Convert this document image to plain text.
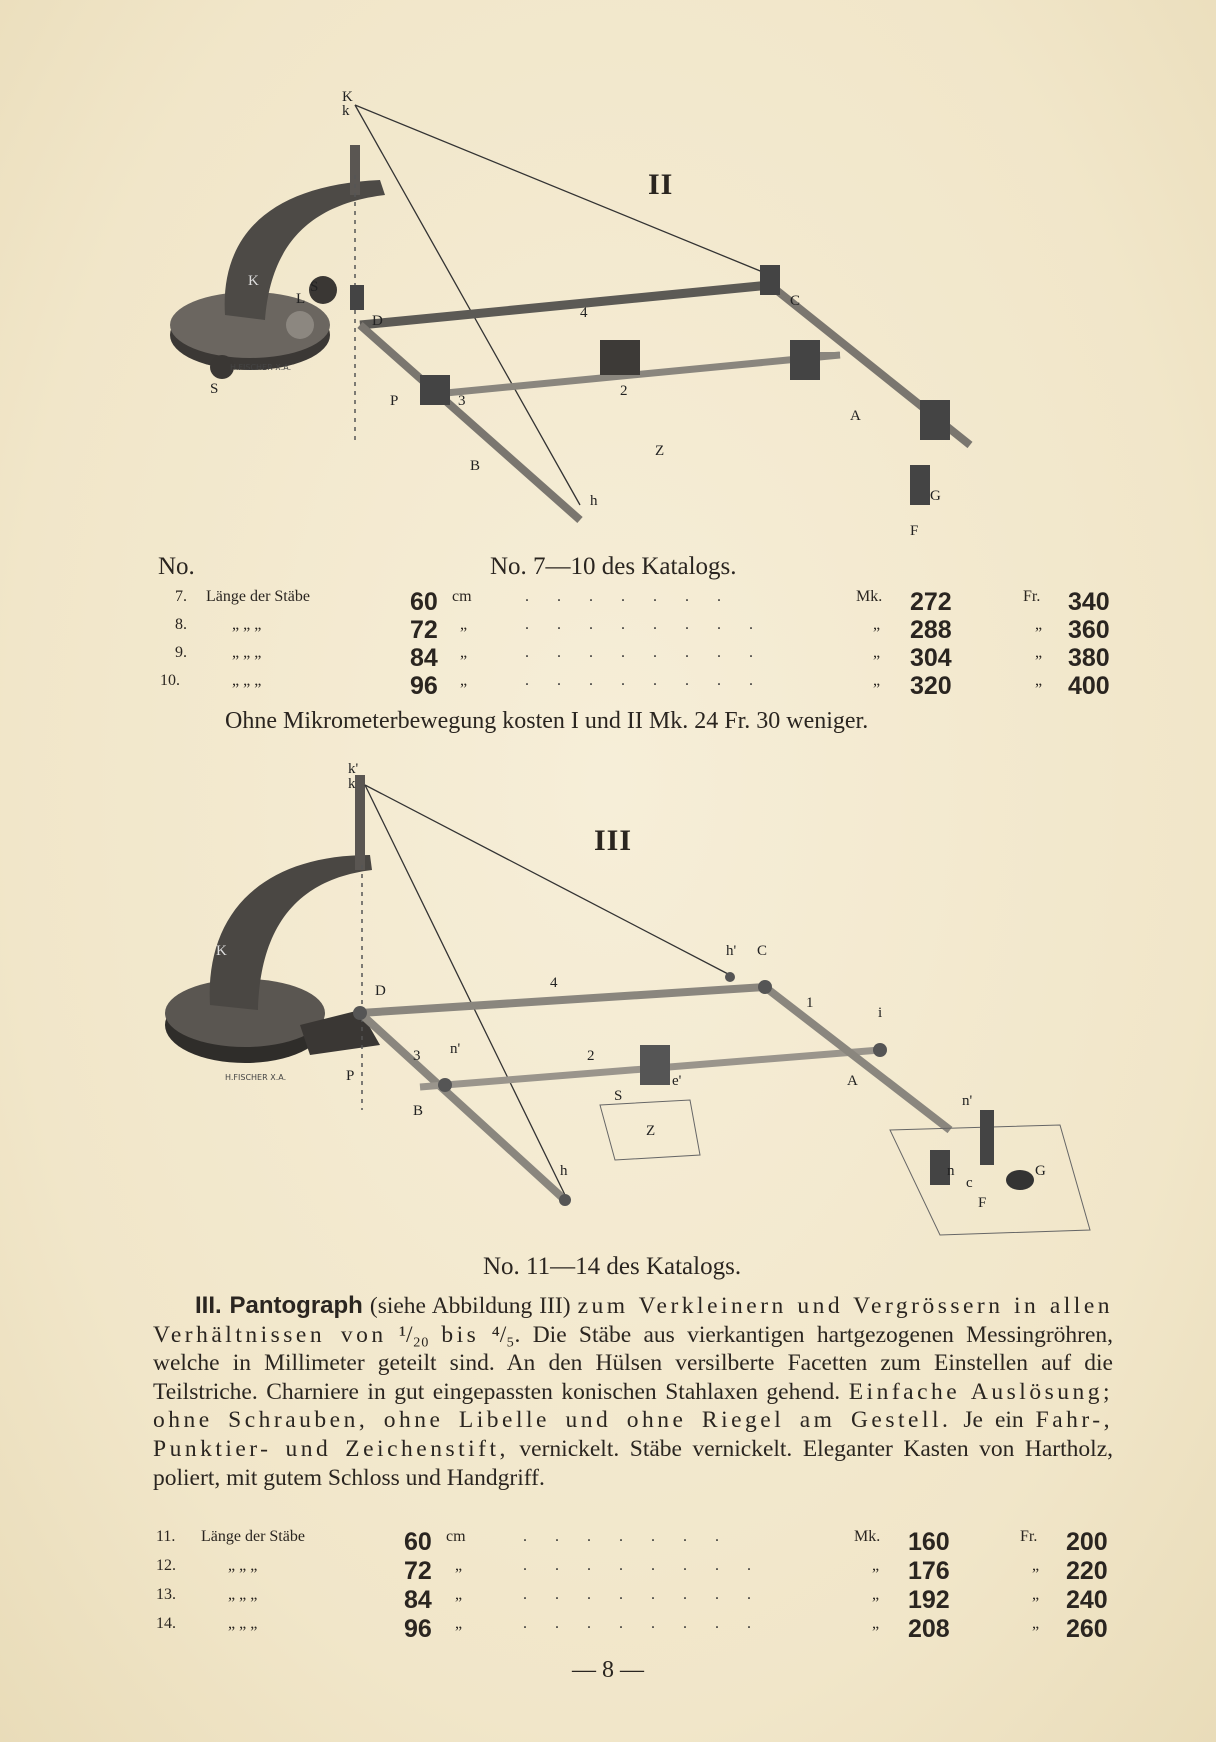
H.FISCHER X.A.
K
k
S
S
L
K
D	4
C
P	3
2
B
A
Z
h	G
F
II
No. 7—10 des Katalogs.
No.
7. Länge der Stäbe	60 cm	.......	Mk. 272	Fr. 340
8.	„ „ „	72 „	........	„ 288	„ 360
9.	„ „ „	84 „	........	„ 304	„ 380
10.	„ „ „	96 „	........	„ 320	„ 400
Ohne Mikrometerbewegung kosten I und II Mk. 24 Fr. 30 weniger.
H.FISCHER X.A.
k'
k
K
D	4
h' C
1
i
P
3 n'	2
e'	A
B
S
Z
h
n'
n
c
F
G
III
No. 11—14 des Katalogs.
III. Pantograph (siehe Abbildung III) zum Verkleinern und Vergrössern in allen Verhältnissen von ¹/₂₀ bis ⁴/₅. Die Stäbe aus vierkantigen hartgezogenen Messingröhren, welche in Millimeter geteilt sind. An den Hülsen versilberte Facetten zum Einstellen auf die Teilstriche. Charniere in gut eingepassten konischen Stahlaxen gehend. Einfache Auslösung; ohne Schrauben, ohne Libelle und ohne Riegel am Gestell. Je ein Fahr-, Punktier- und Zeichenstift, vernickelt. Stäbe vernickelt. Eleganter Kasten von Hartholz, poliert, mit gutem Schloss und Handgriff.
11. Länge der Stäbe	60 cm	.......	Mk. 160	Fr. 200
12.	„ „ „	72 „	........	„ 176	„ 220
13.	„ „ „	84 „	........	„ 192	„ 240
14.	„ „ „	96 „	........	„ 208	„ 260
— 8 —
